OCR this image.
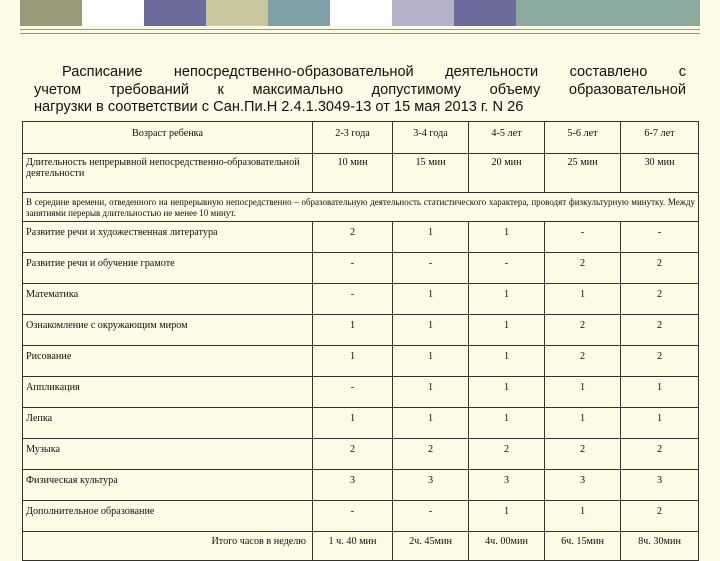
Расписание непосредственно-образовательной деятельности составлено с
учетом требований к максимально допустимому объему образовательной
нагрузки в соответствии с Сан.Пи.Н 2.4.1.3049-13 от 15 мая 2013 г. N 26

Возраст ребенка	2-3 года	3-4 года	4-5 лет	5-6 лет	6-7 лет
Длительность непрерывной непосредственно-образовательной деятельности	10 мин	15 мин	20 мин	25 мин	30 мин
В середине времени, отведенного на непрерывную непосредственно – образовательную деятельность статистического характера, проводят физкультурную минутку. Между занятиями перерыв длительностью не менее 10 минут.					
Развитие речи и художественная литература	2	1	1	-	-
Развитие речи и обучение грамоте	-	-	-	2	2
Математика	-	1	1	1	2
Ознакомление с окружающим миром	1	1	1	2	2
Рисование	1	1	1	2	2
Аппликация	-	1	1	1	1
Лепка	1	1	1	1	1
Музыка	2	2	2	2	2
Физическая культура	3	3	3	3	3
Дополнительное образование	-	-	1	1	2
Итого часов в неделю	1 ч. 40 мин	2ч. 45мин	4ч. 00мин	6ч. 15мин	8ч. 30мин
